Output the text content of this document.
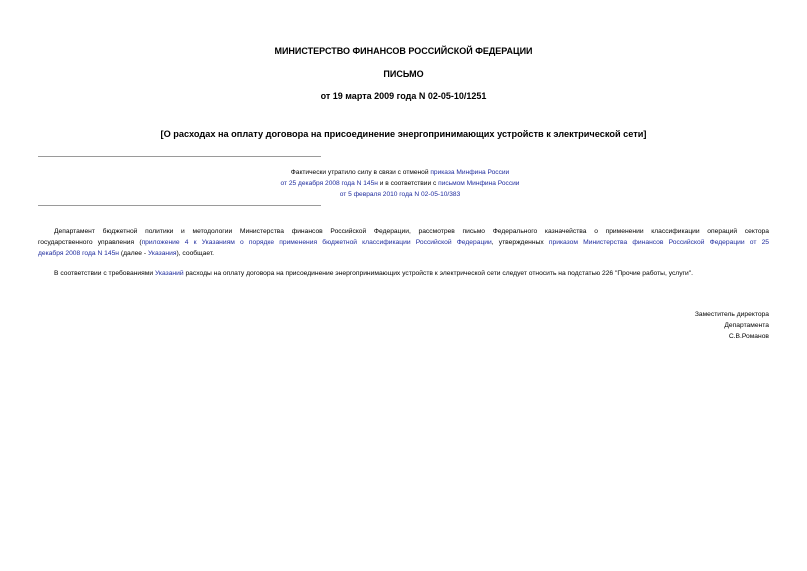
МИНИСТЕРСТВО ФИНАНСОВ РОССИЙСКОЙ ФЕДЕРАЦИИ
ПИСЬМО
от 19 марта 2009 года N 02-05-10/1251
[О расходах на оплату договора на присоединение энергопринимающих устройств к электрической сети]
Фактически утратило силу в связи с отменой приказа Минфина России
от 25 декабря 2008 года N 145н и в соответствии с письмом Минфина России
от 5 февраля 2010 года N 02-05-10/383
Департамент бюджетной политики и методологии Министерства финансов Российской Федерации, рассмотрев письмо Федерального казначейства о применении классификации операций сектора
государственного управления (приложение 4 к Указаниям о порядке применения бюджетной классификации Российской Федерации, утвержденных приказом Министерства финансов Российской Федерации от 25
декабря 2008 года N 145н (далее - Указания), сообщает.
В соответствии с требованиями Указаний расходы на оплату договора на присоединение энергопринимающих устройств к электрической сети следует относить на подстатью 226 "Прочие работы, услуги".
Заместитель директора
Департамента
С.В.Романов
